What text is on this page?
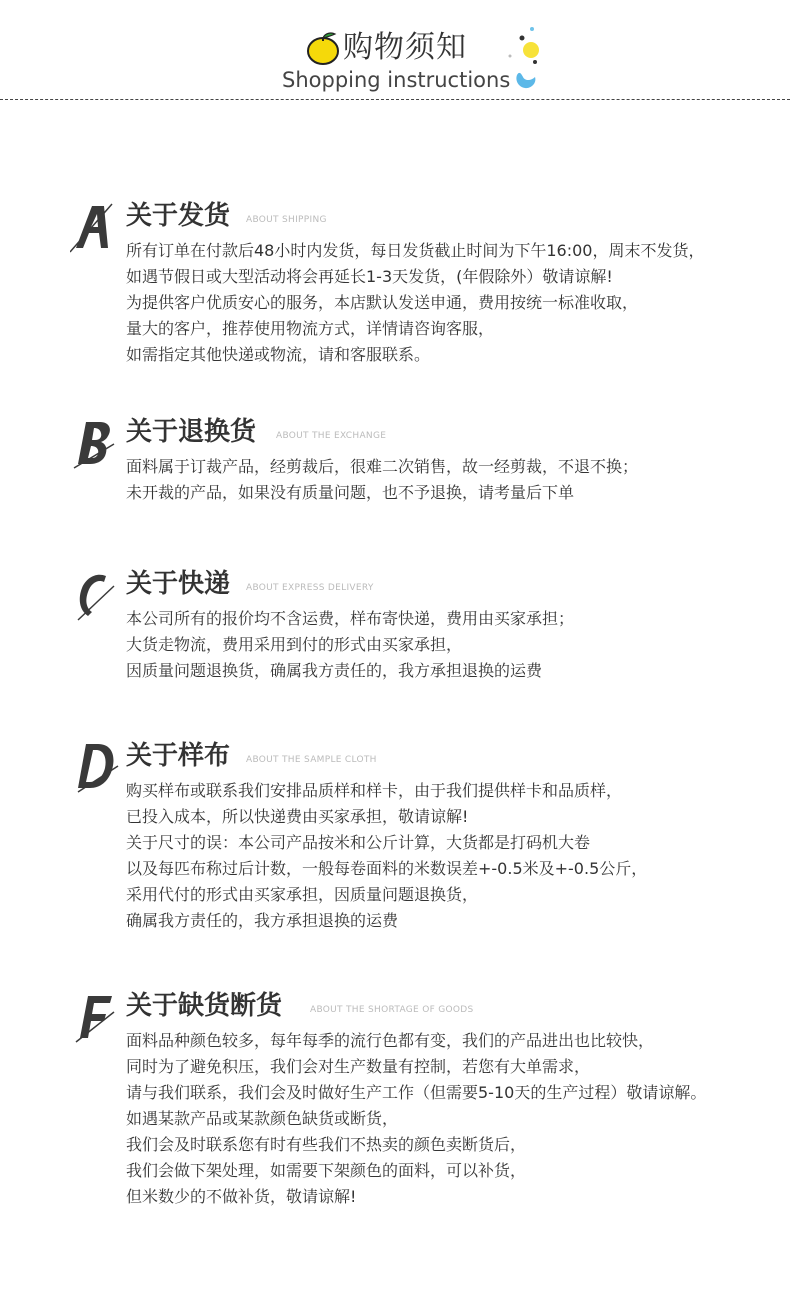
购物须知
Shopping instructions
关于发货 ABOUT SHIPPING
所有订单在付款后48小时内发货，每日发货截止时间为下午16:00，周末不发货，
如遇节假日或大型活动将会再延长1-3天发货，(年假除外）敬请谅解!
为提供客户优质安心的服务，本店默认发送申通，费用按统一标准收取，
量大的客户，推荐使用物流方式，详情请咨询客服，
如需指定其他快递或物流，请和客服联系。
关于退换货 ABOUT THE EXCHANGE
面料属于订裁产品，经剪裁后，很难二次销售，故一经剪裁，不退不换；
未开裁的产品，如果没有质量问题，也不予退换，请考量后下单
关于快递 ABOUT EXPRESS DELIVERY
本公司所有的报价均不含运费，样布寄快递，费用由买家承担；
大货走物流，费用采用到付的形式由买家承担，
因质量问题退换货，确属我方责任的，我方承担退换的运费
关于样布 ABOUT THE SAMPLE CLOTH
购买样布或联系我们安排品质样和样卡，由于我们提供样卡和品质样，
已投入成本，所以快递费由买家承担，敬请谅解!
关于尺寸的误：本公司产品按米和公斤计算，大货都是打码机大卷
以及每匹布称过后计数，一般每卷面料的米数误差+-0.5米及+-0.5公斤，
采用代付的形式由买家承担，因质量问题退换货，
确属我方责任的，我方承担退换的运费
关于缺货断货	ABOUT THE SHORTAGE OF GOODS
面料品种颜色较多，每年每季的流行色都有变，我们的产品进出也比较快，
同时为了避免积压，我们会对生产数量有控制，若您有大单需求，
请与我们联系，我们会及时做好生产工作（但需要5-10天的生产过程）敬请谅解。
如遇某款产品或某款颜色缺货或断货，
我们会及时联系您有时有些我们不热卖的颜色卖断货后，
我们会做下架处理，如需要下架颜色的面料，可以补货，
但米数少的不做补货，敬请谅解!
